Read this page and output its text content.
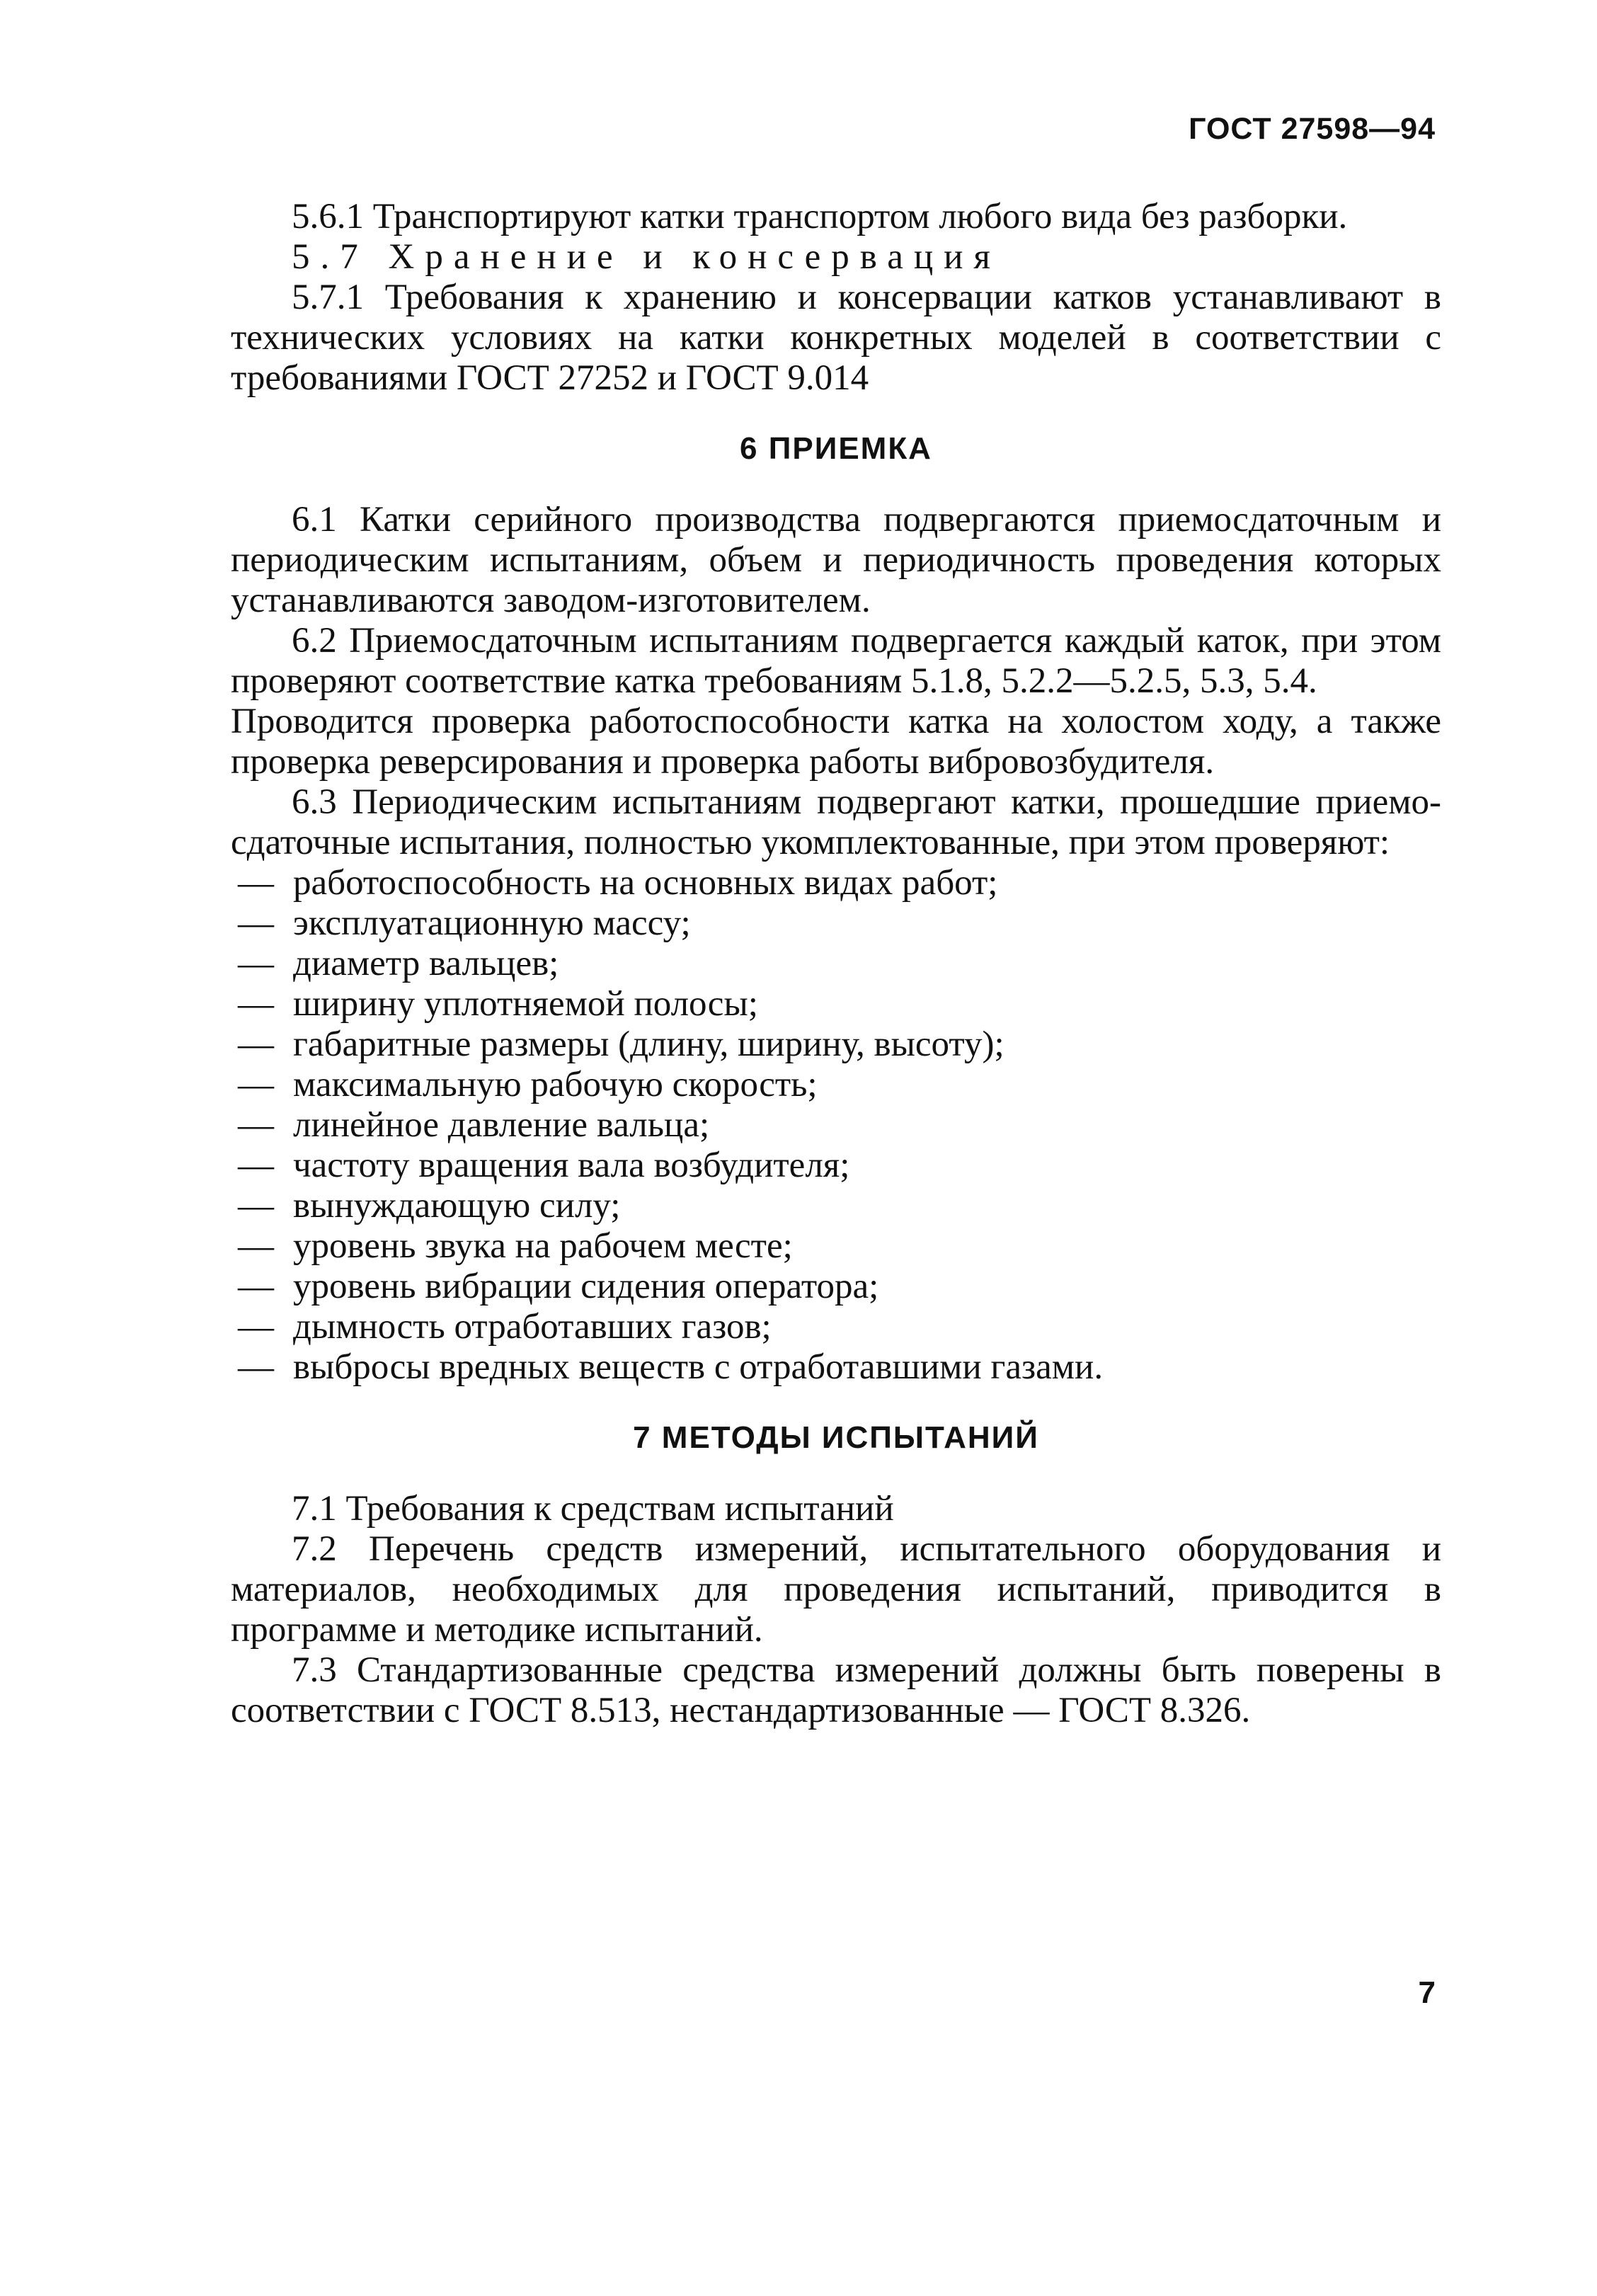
ГОСТ 27598—94

5.6.1 Транспортируют катки транспортом любого вида без разборки.

5.7 Хранение и консервация

5.7.1 Требования к хранению и консервации катков устанавливают в технических условиях на катки конкретных моделей в соответствии с требованиями ГОСТ 27252 и ГОСТ 9.014

6 ПРИЕМКА

6.1 Катки серийного производства подвергаются приемосдаточным и периодическим испытаниям, объем и периодичность проведения которых устанавливаются заводом-изготовителем.

6.2 Приемосдаточным испытаниям подвергается каждый каток, при этом проверяют соответствие катка требованиям 5.1.8, 5.2.2—5.2.5, 5.3, 5.4.

Проводится проверка работоспособности катка на холостом ходу, а также проверка реверсирования и проверка работы вибровозбудителя.

6.3 Периодическим испытаниям подвергают катки, прошедшие приемо-сдаточные испытания, полностью укомплектованные, при этом проверяют:

— работоспособность на основных видах работ;
— эксплуатационную массу;
— диаметр вальцев;
— ширину уплотняемой полосы;
— габаритные размеры (длину, ширину, высоту);
— максимальную рабочую скорость;
— линейное давление вальца;
— частоту вращения вала возбудителя;
— вынуждающую силу;
— уровень звука на рабочем месте;
— уровень вибрации сидения оператора;
— дымность отработавших газов;
— выбросы вредных веществ с отработавшими газами.
7 МЕТОДЫ ИСПЫТАНИЙ

7.1 Требования к средствам испытаний

7.2 Перечень средств измерений, испытательного оборудования и материалов, необходимых для проведения испытаний, приводится в программе и методике испытаний.

7.3 Стандартизованные средства измерений должны быть поверены в соответствии с ГОСТ 8.513, нестандартизованные — ГОСТ 8.326.

7
